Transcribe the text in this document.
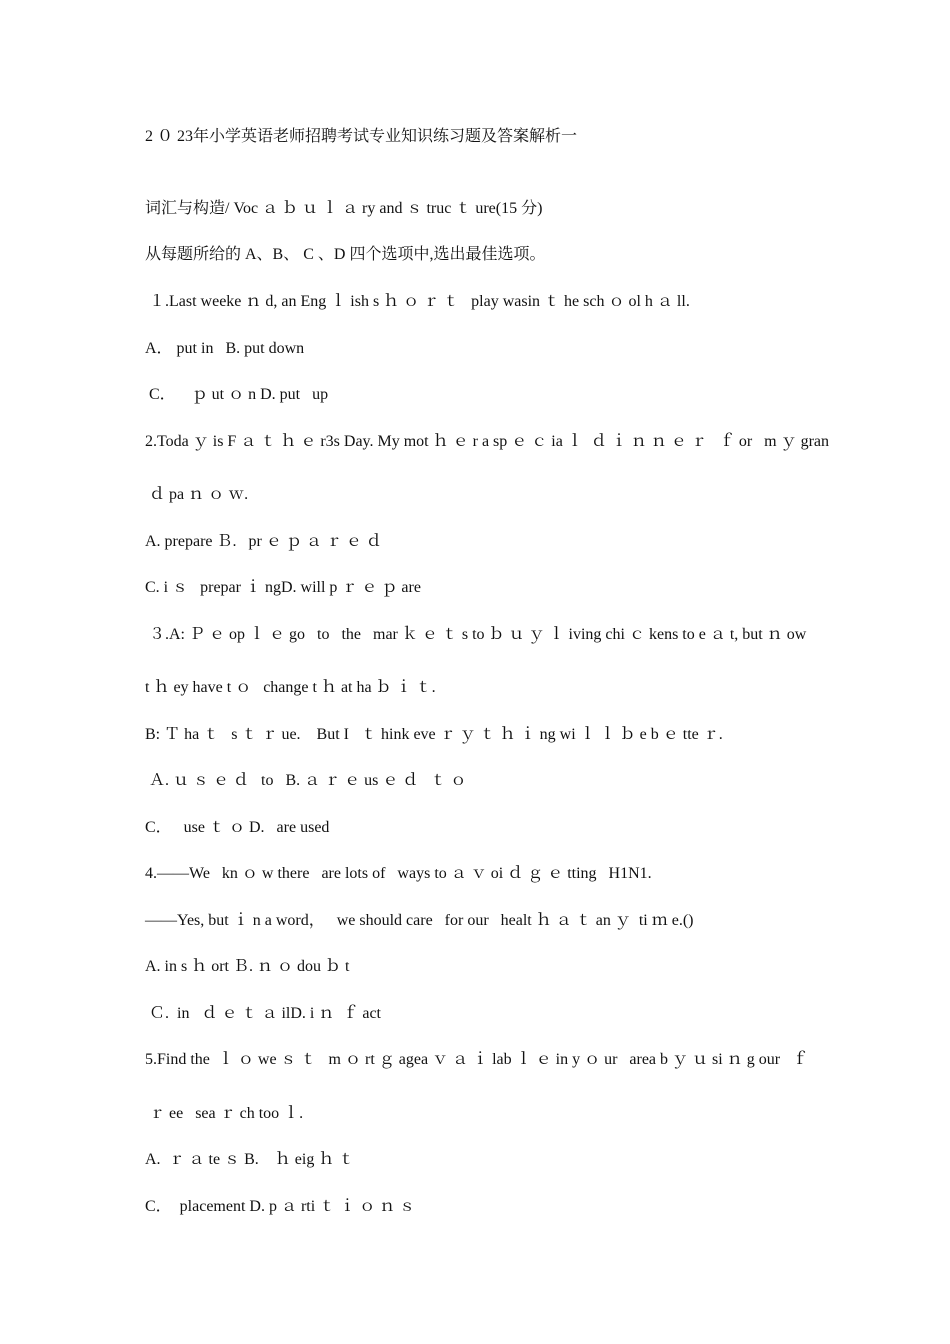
2 ０ 23年小学英语老师招聘考试专业知识练习题及答案解析一
词汇与构造/ Voc ａ ｂ ｕ ｌ ａ ry and ｓ truc ｔ ure(15 分)
从每题所给的 A、B、 C 、D 四个选项中,选出最佳选项。
１.Last weeke ｎ d, an Eng ｌ ish s ｈ ｏ ｒ ｔ   play wasin ｔ he sch ｏ ol h ａ ll.
A． put in   B. put down
C．    ｐ ut ｏ n D. put   up
2.Toda ｙ is F ａ ｔ ｈ ｅ r3s Day. My mot ｈ ｅ r a sp ｅ ｃ ia ｌ  ｄ ｉ ｎ ｎ ｅ ｒ   ｆ or   m ｙ gran
ｄ pa ｎ ｏ ｗ.
A. prepare Ｂ.   pr ｅ ｐ ａ ｒ ｅ ｄ
C. i ｓ   prepar ｉ ngD. will p ｒ ｅ ｐ are
３.A: Ｐ ｅ op ｌ ｅ go   to   the   mar ｋ ｅ ｔ s to ｂ ｕ ｙ ｌ iving chi ｃ kens to e ａ t, but ｎ ow
t ｈ ey have t ｏ   change t ｈ at ha ｂ ｉ ｔ.
B: Ｔ ha ｔ   s ｔ ｒ ue.    But I   ｔ hink eve ｒ ｙ ｔ ｈ ｉ ng wi ｌ ｌ ｂ e b ｅ tte ｒ.
Ａ. ｕ ｓ ｅ ｄ   to   B. ａ ｒ ｅ us ｅ ｄ   ｔ ｏ
C．   use ｔ ｏ D.   are used
4.——We   kn ｏ w there   are lots of   ways to ａ ｖ oi ｄ ｇ ｅ tting   H1N1.
——Yes, but ｉ n a word，   we should care   for our   healt ｈ ａ ｔ an ｙ  ti ｍ e.()
A. in s ｈ ort Ｂ. ｎ ｏ dou ｂ t
Ｃ.  in   ｄ ｅ ｔ ａ ilD. i ｎ  ｆ act
5.Find the  ｌ ｏ we ｓ ｔ   m ｏ rt ｇ agea ｖ ａ ｉ lab ｌ ｅ in y ｏ ur   area b ｙ ｕ si ｎ g our   ｆ
ｒ ee   sea ｒ ch too ｌ.
A.  ｒ ａ te ｓ B.    ｈ eig ｈ ｔ
C．  placement D. p ａ rti ｔ ｉ ｏ ｎ ｓ
